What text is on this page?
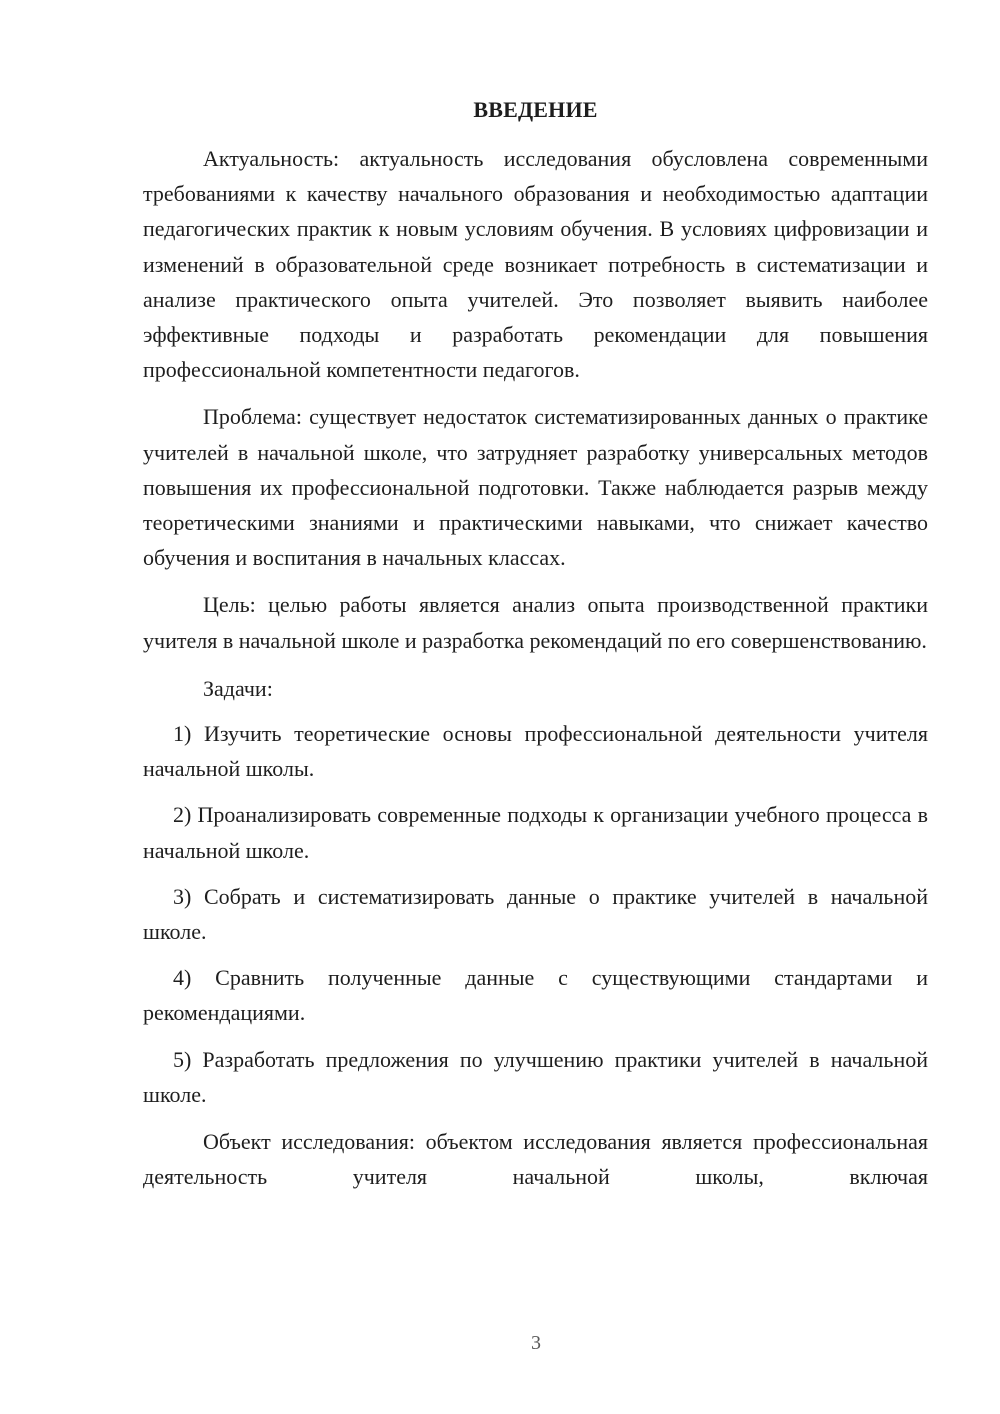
ВВЕДЕНИЕ

Актуальность: актуальность исследования обусловлена современными требованиями к качеству начального образования и необходимостью адаптации педагогических практик к новым условиям обучения. В условиях цифровизации и изменений в образовательной среде возникает потребность в систематизации и анализе практического опыта учителей. Это позволяет выявить наиболее эффективные подходы и разработать рекомендации для повышения профессиональной компетентности педагогов.

Проблема: существует недостаток систематизированных данных о практике учителей в начальной школе, что затрудняет разработку универсальных методов повышения их профессиональной подготовки. Также наблюдается разрыв между теоретическими знаниями и практическими навыками, что снижает качество обучения и воспитания в начальных классах.

Цель: целью работы является анализ опыта производственной практики учителя в начальной школе и разработка рекомендаций по его совершенствованию.

Задачи:

1) Изучить теоретические основы профессиональной деятельности учителя начальной школы.

2) Проанализировать современные подходы к организации учебного процесса в начальной школе.

3) Собрать и систематизировать данные о практике учителей в начальной школе.

4) Сравнить полученные данные с существующими стандартами и рекомендациями.

5) Разработать предложения по улучшению практики учителей в начальной школе.

Объект исследования: объектом исследования является профессиональная деятельность учителя начальной школы, включая

3
